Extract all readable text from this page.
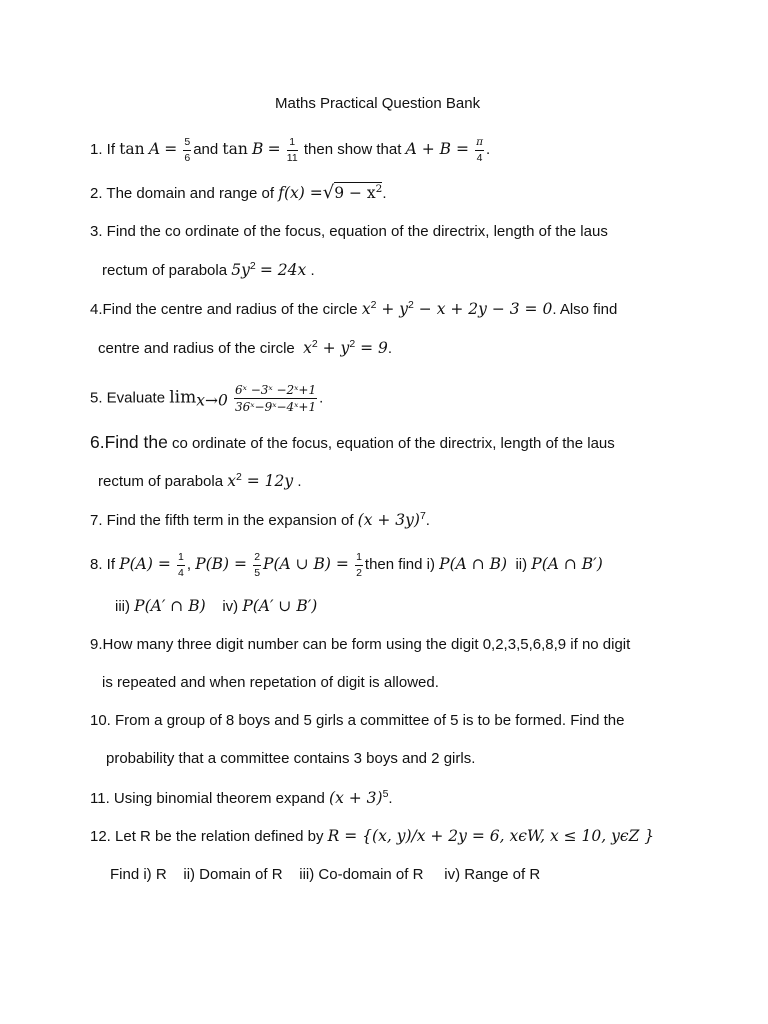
Maths Practical Question Bank
1. If $\tan A = \frac{5}{6}$ and $\tan B = \frac{1}{11}$ then show that $A + B = \frac{\pi}{4}$ .
2. The domain and range of $f(x) =√9 - x^2$.
3. Find the co ordinate of the focus, equation of the directrix, length of the laus
rectum of parabola $5y^2 = 24x$ .
4.Find the centre and radius of the circle $x^2 + y^2 - x + 2y - 3 = 0$. Also find
centre and radius of the circle $x^2 + y^2 = 9$.
5. Evaluate $\lim_{x\to 0} \frac{\text{6ˣ −3ˣ −2ˣ+1}}{\text{36ˣ−9ˣ−4ˣ+1}}$ .
6.Find the co ordinate of the focus, equation of the directrix, length of the laus
rectum of parabola $x^2 = 12y$ .
7. Find the fifth term in the expansion of $(x + 3y)^7$.
8. If $P(A) = \frac{1}{4}$ , $P(B) = \frac{2}{5} P(A$ ∪ $B) = \frac{1}{2}$ then find i) P(A ∩ B) ii) P(A ∩ B′)
iii) P(A′ ∩ B) iv) P(A′ ∪ B′)
9.How many three digit number can be form using the digit 0,2,3,5,6,8,9 if no digit
is repeated and when repetation of digit is allowed.
10. From a group of 8 boys and 5 girls a committee of 5 is to be formed. Find the
probability that a committee contains 3 boys and 2 girls.
11. Using binomial theorem expand $(x + 3)^5$.
12. Let R be the relation defined by R = {(x, y)/x + 2y = 6, xϵW, x ≤ 10, yϵZ }
Find i) R ii) Domain of R iii) Co-domain of R iv) Range of R
